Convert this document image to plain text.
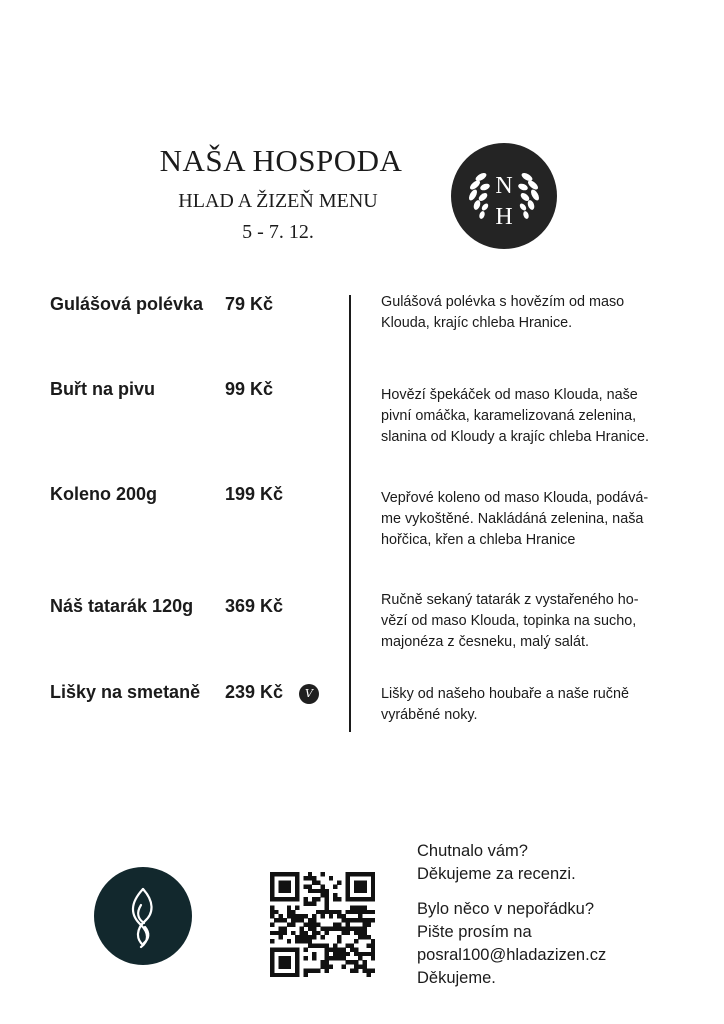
NAŠA HOSPODA
HLAD A ŽIZEŇ MENU
5 - 7. 12.
N
H
Gulášová polévka 79 Kč	Gulášová polévka s hovězím od maso
Klouda, krajíc chleba Hranice.
Buřt na pivu	99 Kč	Hovězí špekáček od maso Klouda, naše
pivní omáčka, karamelizovaná zelenina,
slanina od Kloudy a krajíc chleba Hranice.
Koleno 200g	199 Kč	Vepřové koleno od maso Klouda, podává-
me vykoštěné. Nakládáná zelenina, naša
hořčica, křen a chleba Hranice
Náš tatarák 120g 369 Kč	Ručně sekaný tatarák z vystařeného ho-
vězí od maso Klouda, topinka na sucho,
majonéza z česneku, malý salát.
Lišky na smetaně 239 Kč	V	Lišky od našeho houbaře a naše ručně
vyráběné noky.
Chutnalo vám?
Děkujeme za recenzi.
Bylo něco v nepořádku?
Pište prosím na
posral100@hladazizen.cz
Děkujeme.
